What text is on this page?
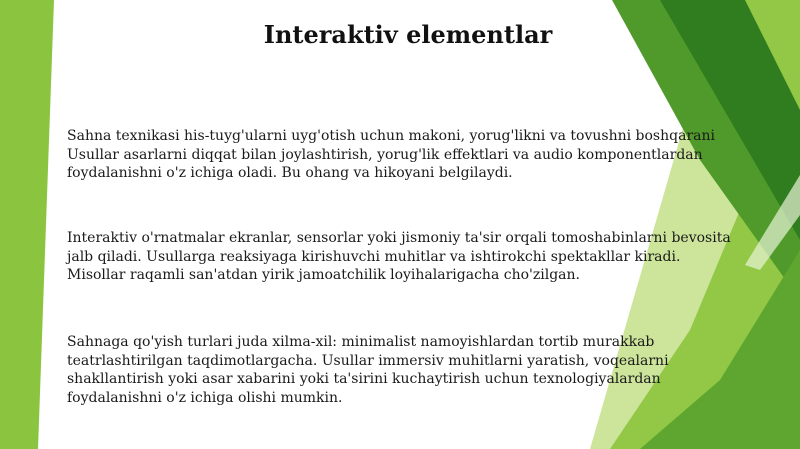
Interaktiv elementlar

Sahna texnikasi his-tuyg'ularni uyg'otish uchun makoni, yorug'likni va tovushni boshqarani
Usullar asarlarni diqqat bilan joylashtirish, yorug'lik effektlari va audio komponentlardan
foydalanishni o'z ichiga oladi. Bu ohang va hikoyani belgilaydi.

Interaktiv o'rnatmalar ekranlar, sensorlar yoki jismoniy ta'sir orqali tomoshabinlarni bevosita
jalb qiladi. Usullarga reaksiyaga kirishuvchi muhitlar va ishtirokchi spektakllar kiradi.
Misollar raqamli san'atdan yirik jamoatchilik loyihalarigacha cho'zilgan.

Sahnaga qo'yish turlari juda xilma-xil: minimalist namoyishlardan tortib murakkab
teatrlashtirilgan taqdimotlargacha. Usullar immersiv muhitlarni yaratish, voqealarni
shakllantirish yoki asar xabarini yoki ta'sirini kuchaytirish uchun texnologiyalardan
foydalanishni o'z ichiga olishi mumkin.
